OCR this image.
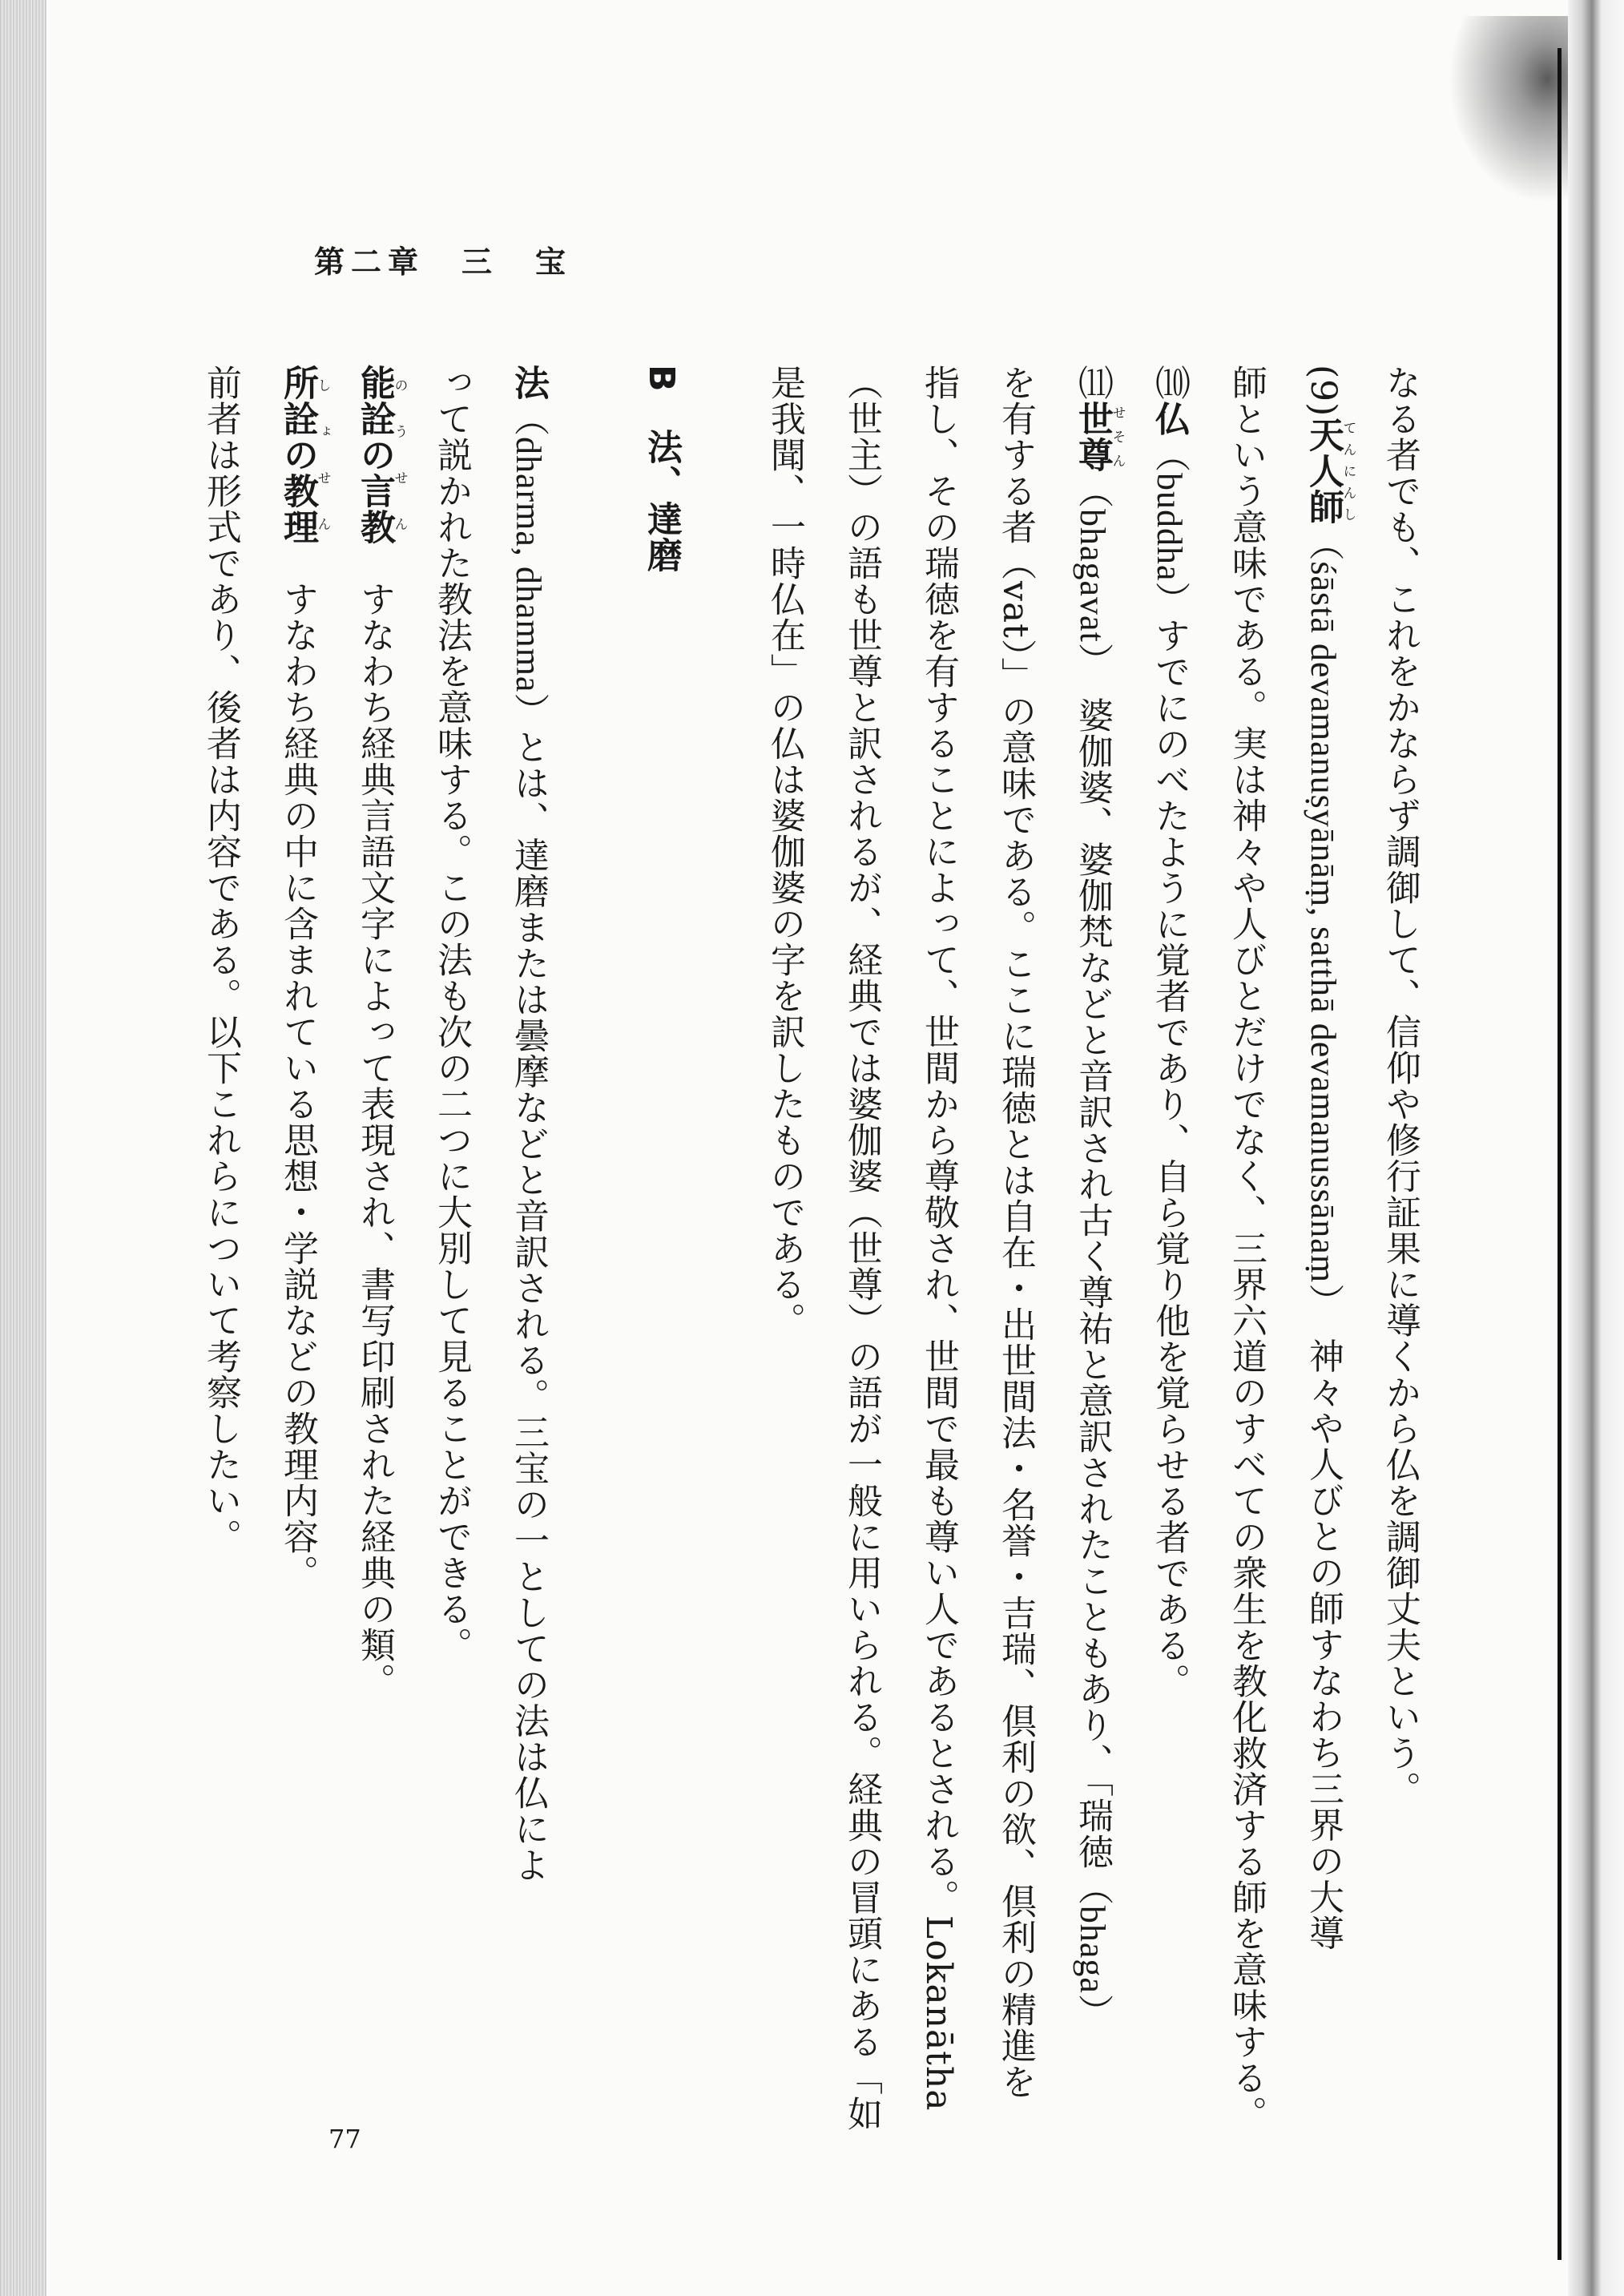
第二章　三　宝
なる者でも、これをかならず調御して、信仰や修行証果に導くから仏を調御丈夫という。
(9)天人師てんにんし（śāstā devamanuṣyānāṃ, satthā devamanussānaṃ）　神々や人びとの師すなわち三界の大導
師という意味である。実は神々や人びとだけでなく、三界六道のすべての衆生を教化救済する師を意味する。
⑽仏（buddha）すでにのべたように覚者であり、自ら覚り他を覚らせる者である。
⑾世尊せそん（bhagavat）　婆伽婆、婆伽梵などと音訳され古く尊祐と意訳されたこともあり、「瑞徳（bhaga）
を有する者（vat）」の意味である。ここに瑞徳とは自在・出世間法・名誉・吉瑞、倶利の欲、倶利の精進を
指し、その瑞徳を有することによって、世間から尊敬され、世間で最も尊い人であるとされる。Lokanātha
（世主）の語も世尊と訳されるが、経典では婆伽婆（世尊）の語が一般に用いられる。経典の冒頭にある「如
是我聞、一時仏在」の仏は婆伽婆の字を訳したものである。
B　法、達磨
法（dharma, dhamma）とは、達磨または曇摩などと音訳される。三宝の一としての法は仏によ
って説かれた教法を意味する。この法も次の二つに大別して見ることができる。
能詮の言教のうせん　すなわち経典言語文字によって表現され、書写印刷された経典の類。
所詮の教理しょせん　すなわち経典の中に含まれている思想・学説などの教理内容。
前者は形式であり、後者は内容である。以下これらについて考察したい。

77
